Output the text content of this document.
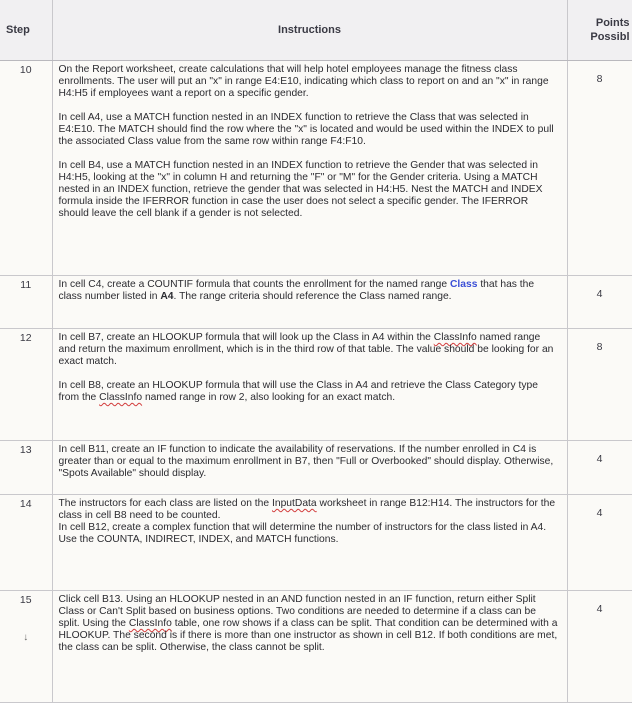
Step	Instructions	Points
Possibl
10	On the Report worksheet, create calculations that will help hotel employees manage the fitness class enrollments. The user will put an "x" in range E4:E10, indicating which class to report on and an "x" in range H4:H5 if employees want a report on a specific gender.

In cell A4, use a MATCH function nested in an INDEX function to retrieve the Class that was selected in E4:E10. The MATCH should find the row where the "x" is located and would be used within the INDEX to pull the associated Class value from the same row within range F4:F10.

In cell B4, use a MATCH function nested in an INDEX function to retrieve the Gender that was selected in H4:H5, looking at the "x" in column H and returning the "F" or "M" for the Gender criteria. Using a MATCH nested in an INDEX function, retrieve the gender that was selected in H4:H5. Nest the MATCH and INDEX formula inside the IFERROR function in case the user does not select a specific gender. The IFERROR should leave the cell blank if a gender is not selected.	8
11	In cell C4, create a COUNTIF formula that counts the enrollment for the named range Class that has the class number listed in A4. The range criteria should reference the Class named range.	4
12	In cell B7, create an HLOOKUP formula that will look up the Class in A4 within the ClassInfo named range and return the maximum enrollment, which is in the third row of that table. The value should be looking for an exact match.

In cell B8, create an HLOOKUP formula that will use the Class in A4 and retrieve the Class Category type from the ClassInfo named range in row 2, also looking for an exact match.	8
13	In cell B11, create an IF function to indicate the availability of reservations. If the number enrolled in C4 is greater than or equal to the maximum enrollment in B7, then "Full or Overbooked" should display. Otherwise, "Spots Available" should display.	4
14	The instructors for each class are listed on the InputData worksheet in range B12:H14. The instructors for the class in cell B8 need to be counted.

In cell B12, create a complex function that will determine the number of instructors for the class listed in A4. Use the COUNTA, INDIRECT, INDEX, and MATCH functions.	4
15
↓	Click cell B13. Using an HLOOKUP nested in an AND function nested in an IF function, return either Split Class or Can't Split based on business options. Two conditions are needed to determine if a class can be split. Using the ClassInfo table, one row shows if a class can be split. That condition can be determined with a HLOOKUP. The second is if there is more than one instructor as shown in cell B12. If both conditions are met, the class can be split. Otherwise, the class cannot be split.	4
